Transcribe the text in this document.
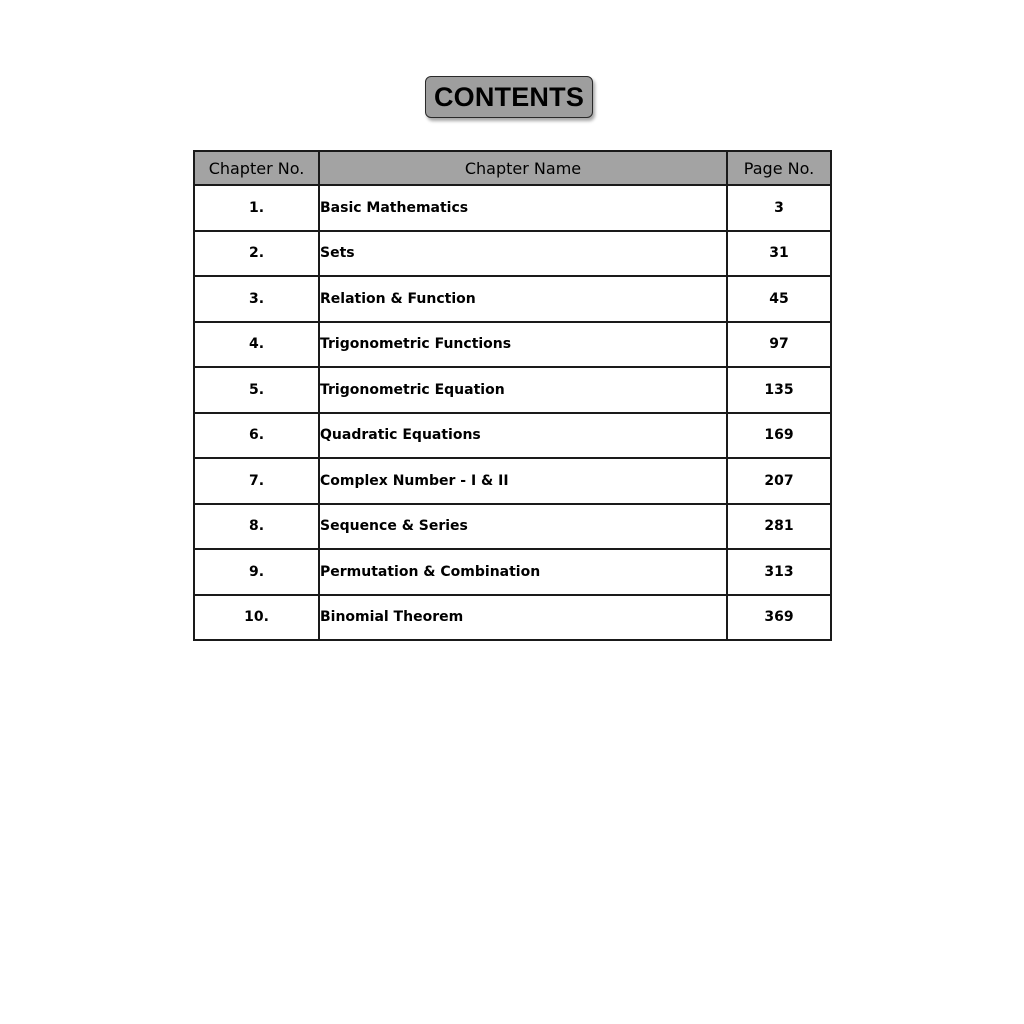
CONTENTS
Chapter No.	Chapter Name	Page No.
1.	Basic Mathematics	3
2.	Sets	31
3.	Relation & Function	45
4.	Trigonometric Functions	97
5.	Trigonometric Equation	135
6.	Quadratic Equations	169
7.	Complex Number - I & II	207
8.	Sequence & Series	281
9.	Permutation & Combination	313
10.	Binomial Theorem	369
